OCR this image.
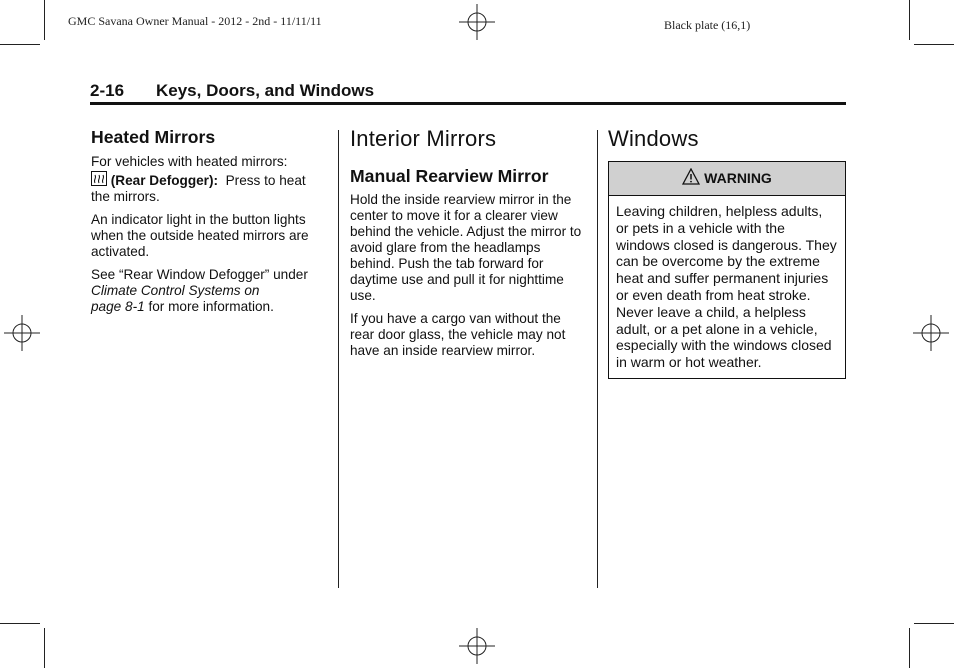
GMC Savana Owner Manual - 2012 - 2nd - 11/11/11	Black plate (16,1)
2-16 Keys, Doors, and Windows
Heated Mirrors

For vehicles with heated mirrors:

(Rear Defogger): Press to heat
the mirrors.

An indicator light in the button lights when the outside heated mirrors are activated.

See “Rear Window Defogger” under
Climate Control Systems on
page 8-1 for more information.

Interior Mirrors
Manual Rearview Mirror

Hold the inside rearview mirror in the center to move it for a clearer view behind the vehicle. Adjust the mirror to avoid glare from the headlamps behind. Push the tab forward for daytime use and pull it for nighttime use.

If you have a cargo van without the rear door glass, the vehicle may not have an inside rearview mirror.

Windows
WARNING
Leaving children, helpless adults, or pets in a vehicle with the windows closed is dangerous. They can be overcome by the extreme heat and suffer permanent injuries or even death from heat stroke. Never leave a child, a helpless adult, or a pet alone in a vehicle, especially with the windows closed in warm or hot weather.
